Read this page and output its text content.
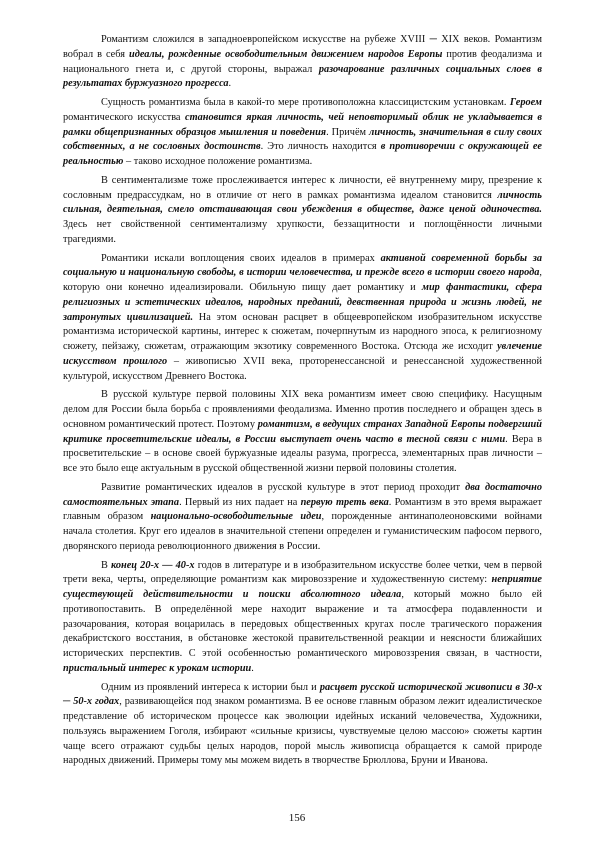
Романтизм сложился в западноевропейском искусстве на рубеже XVIII ─ XIX веков. Романтизм вобрал в себя идеалы, рожденные освободительным движением народов Европы против феодализма и национального гнета и, с другой стороны, выражал разочарование различных социальных слоев в результатах буржуазного прогресса.

Сущность романтизма была в какой-то мере противоположна классицистским установкам. Героем романтического искусства становится яркая личность, чей неповторимый облик не укладывается в рамки общепризнанных образцов мышления и поведения. Причём личность, значительная в силу своих собственных, а не сословных достоинств. Это личность находится в противоречии с окружающей ее реальностью – таково исходное положение романтизма.

В сентиментализме тоже прослеживается интерес к личности, её внутреннему миру, презрение к сословным предрассудкам, но в отличие от него в рамках романтизма идеалом становится личность сильная, деятельная, смело отстаивающая свои убеждения в обществе, даже ценой одиночества. Здесь нет свойственной сентиментализму хрупкости, беззащитности и поглощённости личными трагедиями.

Романтики искали воплощения своих идеалов в примерах активной современной борьбы за социальную и национальную свободы, в истории человечества, и прежде всего в истории своего народа, которую они конечно идеализировали. Обильную пищу дает романтику и мир фантастики, сфера религиозных и эстетических идеалов, народных преданий, девственная природа и жизнь людей, не затронутых цивилизацией. На этом основан расцвет в общеевропейском изобразительном искусстве романтизма исторической картины, интерес к сюжетам, почерпнутым из народного эпоса, к религиозному сюжету, пейзажу, сюжетам, отражающим экзотику современного Востока. Отсюда же исходит увлечение искусством прошлого – живописью XVII века, проторенессансной и ренессансной художественной культурой, искусством Древнего Востока.

В русской культуре первой половины XIX века романтизм имеет свою специфику. Насущным делом для России была борьба с проявлениями феодализма. Именно против последнего и обращен здесь в основном романтический протест. Поэтому романтизм, в ведущих странах Западной Европы подвергший критике просветительские идеалы, в России выступает очень часто в тесной связи с ними. Вера в просветительские – в основе своей буржуазные идеалы разума, прогресса, элементарных прав личности – все это было еще актуальным в русской общественной жизни первой половины столетия.

Развитие романтических идеалов в русской культуре в этот период проходит два достаточно самостоятельных этапа. Первый из них падает на первую треть века. Романтизм в это время выражает главным образом национально-освободительные идеи, порожденные антинаполеоновскими войнами начала столетия. Круг его идеалов в значительной степени определен и гуманистическим пафосом первого, дворянского периода революционного движения в России.

В конец 20-х — 40-х годов в литературе и в изобразительном искусстве более четки, чем в первой трети века, черты, определяющие романтизм как мировоззрение и художественную систему: неприятие существующей действительности и поиски абсолютного идеала, который можно было ей противопоставить. В определённой мере находит выражение и та атмосфера подавленности и разочарования, которая воцарилась в передовых общественных кругах после трагического поражения декабристского восстания, в обстановке жестокой правительственной реакции и неясности ближайших исторических перспектив. С этой особенностью романтического мировоззрения связан, в частности, пристальный интерес к урокам истории.

Одним из проявлений интереса к истории был и расцвет русской исторической живописи в 30-х ─ 50-х годах, развивающейся под знаком романтизма. В ее основе главным образом лежит идеалистическое представление об историческом процессе как эволюции идейных исканий человечества, Художники, пользуясь выражением Гоголя, избирают «сильные кризисы, чувствуемые целою массою» сюжеты картин чаще всего отражают судьбы целых народов, порой мысль живописца обращается к самой природе народных движений. Примеры тому мы можем видеть в творчестве Брюллова, Бруни и Иванова.

156
